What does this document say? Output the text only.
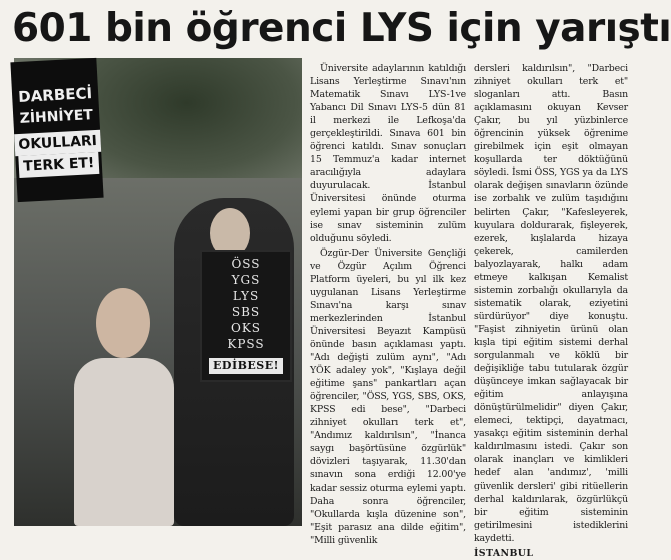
601 bin öğrenci LYS için yarıştı
DARBECİ
ZİHNİYET
OKULLARI
TERK ET!
ÖSS
YGS
LYS
SBS
OKS
KPSS
EDİBESE!

Üniversite adaylarının katıldığı Lisans Yerleştirme Sınavı'nın Matematik Sınavı LYS-1ve Yabancı Dil Sınavı LYS-5 dün 81 il merkezi ile Lefkoşa'da gerçekleştirildi. Sınava 601 bin öğrenci katıldı. Sınav sonuçları 15 Temmuz'a kadar internet aracılığıyla adaylara duyurulacak. İstanbul Üniversitesi önünde oturma eylemi yapan bir grup öğrenciler ise sınav sisteminin zulüm olduğunu söyledi.

Özgür-Der Üniversite Gençliği ve Özgür Açılım Öğrenci Platform üyeleri, bu yıl ilk kez uygulanan Lisans Yerleştirme Sınavı'na karşı sınav merkezlerinden İstanbul Üniversitesi Beyazıt Kampüsü önünde basın açıklaması yaptı. "Adı değişti zulüm aynı", "Adı YÖK adaley yok", "Kışlaya değil eğitime şans" pankartları açan öğrenciler, "ÖSS, YGS, SBS, OKS, KPSS edi bese", "Darbeci zihniyet okulları terk et", "Andımız kaldırılsın", "İnanca saygı başörtüsüne özgürlük" dövizleri taşıyarak, 11.30'dan sınavın sona erdiği 12.00'ye kadar sessiz oturma eylemi yaptı. Daha sonra öğrenciler, "Okullarda kışla düzenine son", "Eşit parasız ana dilde eğitim", "Milli güvenlik

dersleri kaldırılsın", "Darbeci zihniyet okulları terk et" sloganları attı. Basın açıklamasını okuyan Kevser Çakır, bu yıl yüzbinlerce öğrencinin yüksek öğrenime girebilmek için eşit olmayan koşullarda ter döktüğünü söyledi. İsmi ÖSS, YGS ya da LYS olarak değişen sınavların özünde ise zorbalık ve zulüm taşıdığını belirten Çakır, "Kafesleyerek, kuyulara doldurarak, fişleyerek, ezerek, kışlalarda hizaya çekerek, camilerden balyozlayarak, halkı adam etmeye kalkışan Kemalist sistemin zorbalığı okullarıyla da sistematik olarak, eziyetini sürdürüyor" diye konuştu. "Faşist zihniyetin ürünü olan kışla tipi eğitim sistemi derhal sorgulanmalı ve köklü bir değişikliğe tabu tutularak özgür düşünceye imkan sağlayacak bir eğitim anlayışına dönüştürülmelidir" diyen Çakır, elemeci, tektipçi, dayatmacı, yasakçı eğitim sisteminin derhal kaldırılmasını istedi. Çakır son olarak inançları ve kimlikleri hedef alan 'andımız', 'milli güvenlik dersleri' gibi ritüellerin derhal kaldırılarak, özgürlükçü bir eğitim sisteminin getirilmesini istediklerini kaydetti.

İSTANBUL
